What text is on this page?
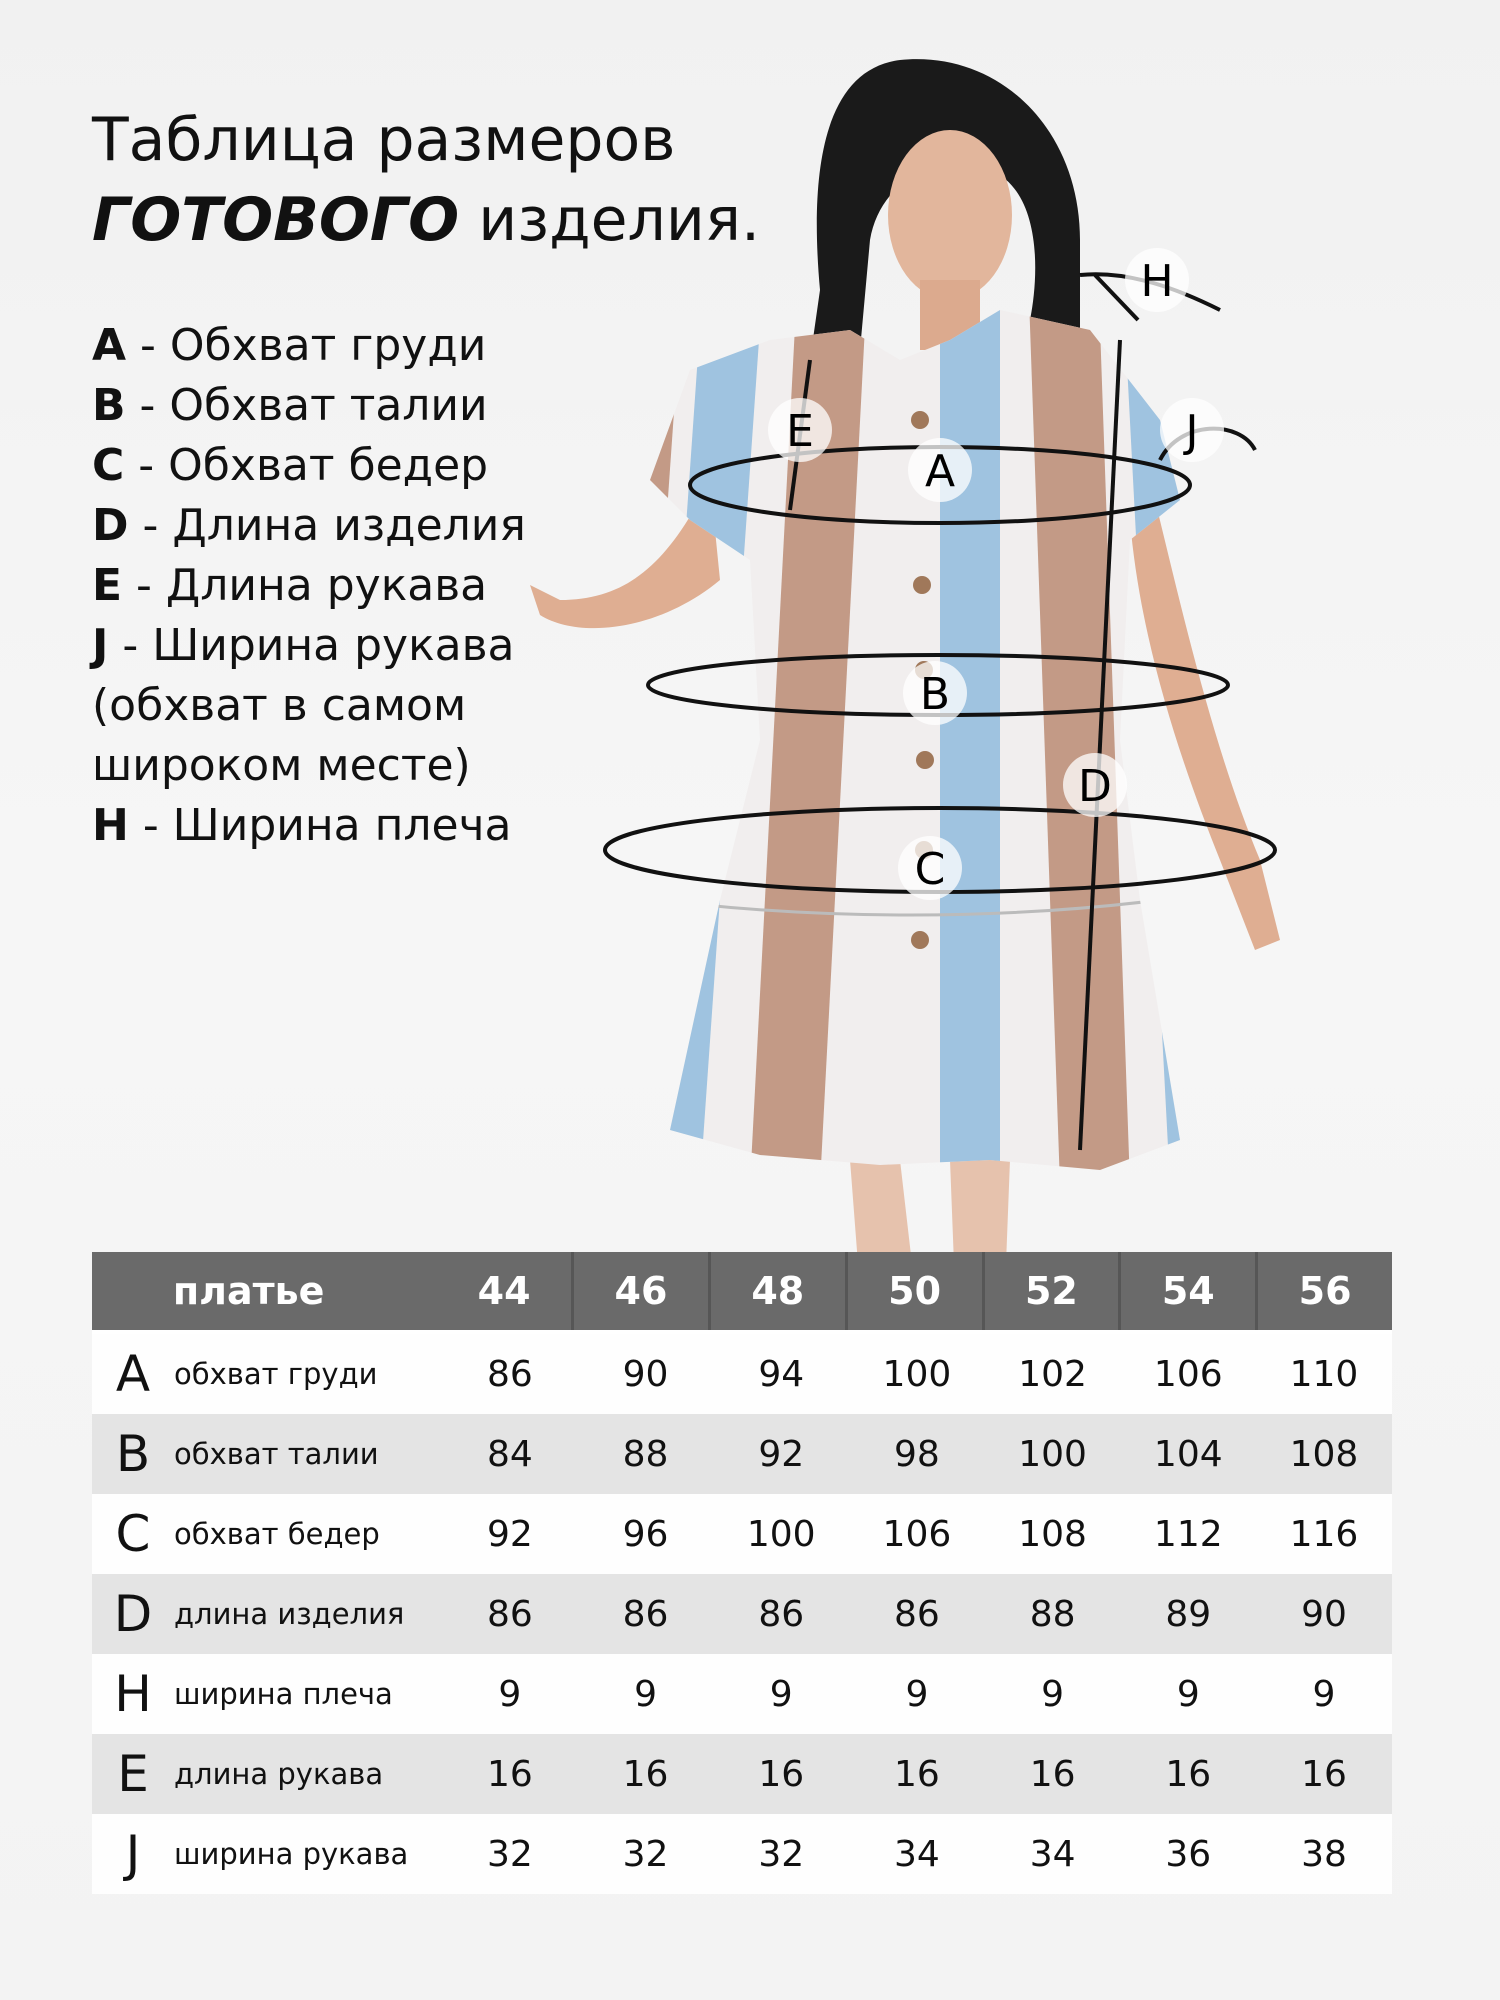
Таблица размеров
ГОТОВОГО изделия.
A - Обхват груди
B - Обхват талии
C - Обхват бедер
D - Длина изделия
E - Длина рукава
J - Ширина рукава (обхват в самом широком месте)
H - Ширина плеча
A
B
C
D
E	J
H
платье	44	46	48	50	52	54	56
A обхват груди	86	90	94	100	102	106	110
B обхват талии	84	88	92	98	100	104	108
C обхват бедер	92	96	100	106	108	112	116
D длина изделия	86	86	86	86	88	89	90
H ширина плеча	9	9	9	9	9	9	9
E длина рукава	16	16	16	16	16	16	16
J	ширина рукава	32	32	32	34	34	36	38
